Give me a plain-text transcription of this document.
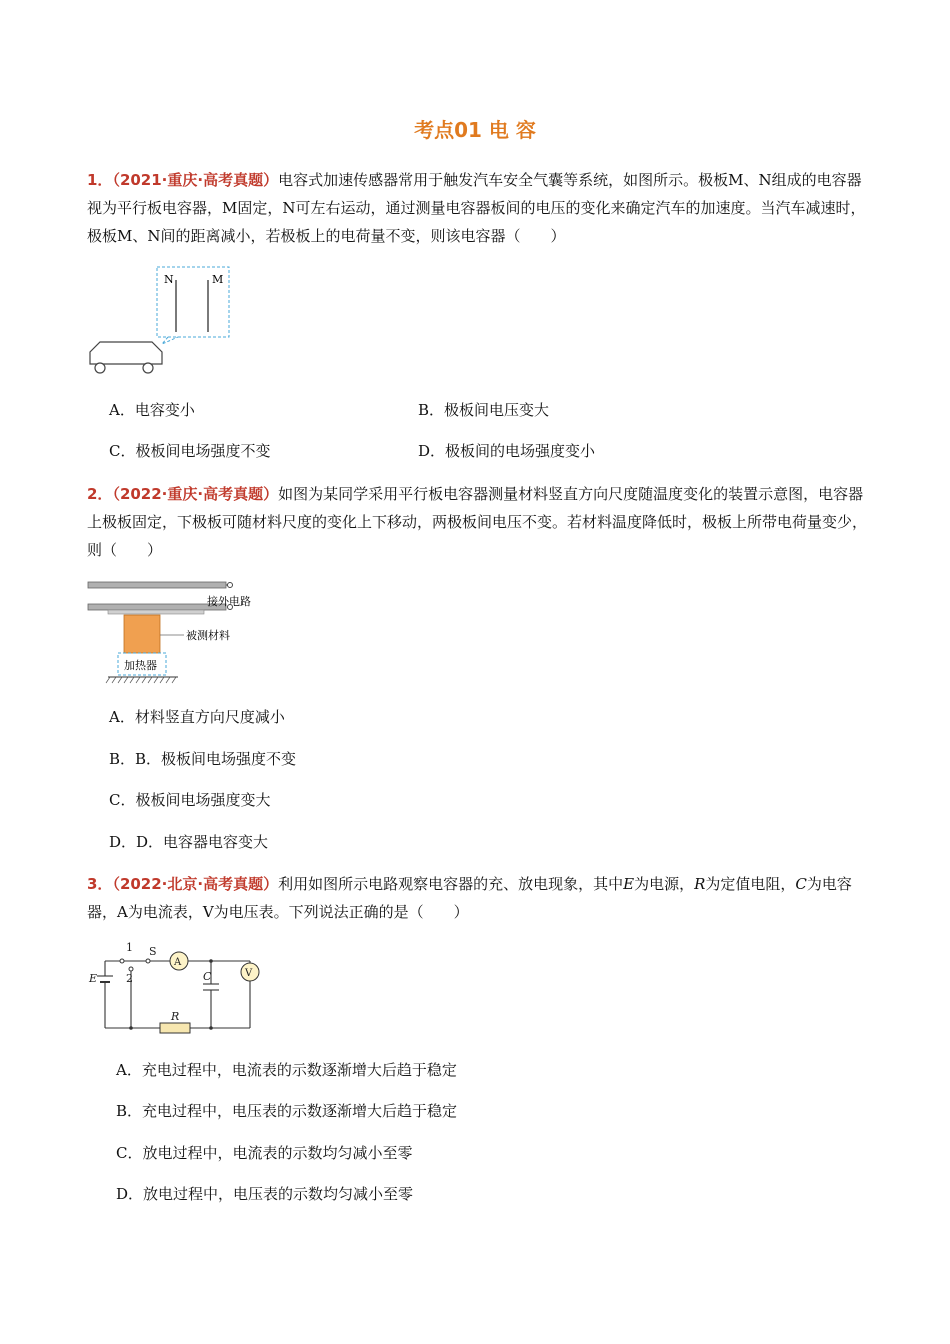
考点01 电 容
1．（2021·重庆·高考真题）电容式加速传感器常用于触发汽车安全气囊等系统，如图所示。极板M、N组成的电容器视为平行板电容器，M固定，N可左右运动，通过测量电容器板间的电压的变化来确定汽车的加速度。当汽车减速时，极板M、N间的距离减小，若极板上的电荷量不变，则该电容器（　　）
N	M
A．电容变小	B．极板间电压变大
C．极板间电场强度不变	D．极板间的电场强度变小
2．（2022·重庆·高考真题）如图为某同学采用平行板电容器测量材料竖直方向尺度随温度变化的装置示意图，电容器上极板固定，下极板可随材料尺度的变化上下移动，两极板间电压不变。若材料温度降低时，极板上所带电荷量变少，则（　　）
接外电路
被测材料
加热器
A．材料竖直方向尺度减小
B．B．极板间电场强度不变
C．极板间电场强度变大
D．D．电容器电容变大
3．（2022·北京·高考真题）利用如图所示电路观察电容器的充、放电现象，其中E为电源，R为定值电阻，C为电容器，A为电流表，V为电压表。下列说法正确的是（　　）
1 S
A
V
2
E	C
R
A．充电过程中，电流表的示数逐渐增大后趋于稳定
B．充电过程中，电压表的示数逐渐增大后趋于稳定
C．放电过程中，电流表的示数均匀减小至零
D．放电过程中，电压表的示数均匀减小至零
